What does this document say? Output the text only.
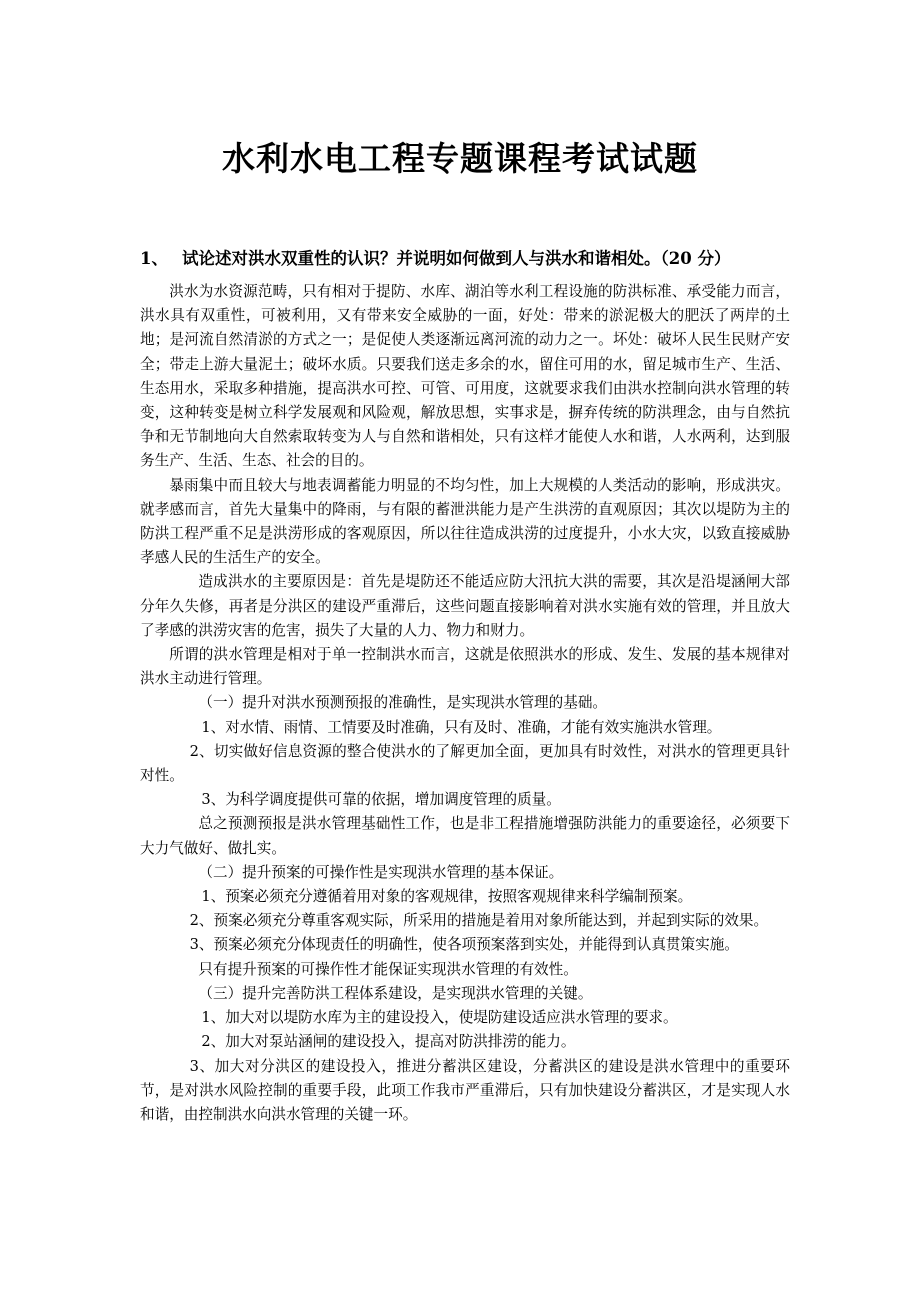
水利水电工程专题课程考试试题

1、 试论述对洪水双重性的认识？并说明如何做到人与洪水和谐相处。（20 分）

洪水为水资源范畴，只有相对于提防、水库、湖泊等水利工程设施的防洪标准、承受能力而言，洪水具有双重性，可被利用，又有带来安全威胁的一面，好处：带来的淤泥极大的肥沃了两岸的土地；是河流自然清淤的方式之一；是促使人类逐渐远离河流的动力之一。坏处：破坏人民生民财产安全；带走上游大量泥土；破坏水质。只要我们送走多余的水，留住可用的水，留足城市生产、生活、生态用水，采取多种措施，提高洪水可控、可管、可用度，这就要求我们由洪水控制向洪水管理的转变，这种转变是树立科学发展观和风险观，解放思想，实事求是，摒弃传统的防洪理念，由与自然抗争和无节制地向大自然索取转变为人与自然和谐相处，只有这样才能使人水和谐，人水两利，达到服务生产、生活、生态、社会的目的。

暴雨集中而且较大与地表调蓄能力明显的不均匀性，加上大规模的人类活动的影响，形成洪灾。就孝感而言，首先大量集中的降雨，与有限的蓄泄洪能力是产生洪涝的直观原因；其次以堤防为主的防洪工程严重不足是洪涝形成的客观原因，所以往往造成洪涝的过度提升，小水大灾，以致直接威胁孝感人民的生活生产的安全。

造成洪水的主要原因是：首先是堤防还不能适应防大汛抗大洪的需要，其次是沿堤涵闸大部分年久失修，再者是分洪区的建设严重滞后，这些问题直接影响着对洪水实施有效的管理，并且放大了孝感的洪涝灾害的危害，损失了大量的人力、物力和财力。

所谓的洪水管理是相对于单一控制洪水而言，这就是依照洪水的形成、发生、发展的基本规律对洪水主动进行管理。

（一）提升对洪水预测预报的准确性，是实现洪水管理的基础。

1、对水情、雨情、工情要及时准确，只有及时、准确，才能有效实施洪水管理。

2、切实做好信息资源的整合使洪水的了解更加全面，更加具有时效性，对洪水的管理更具针对性。

3、为科学调度提供可靠的依据，增加调度管理的质量。

总之预测预报是洪水管理基础性工作，也是非工程措施增强防洪能力的重要途径，必须要下大力气做好、做扎实。

（二）提升预案的可操作性是实现洪水管理的基本保证。

1、预案必须充分遵循着用对象的客观规律，按照客观规律来科学编制预案。

2、预案必须充分尊重客观实际，所采用的措施是着用对象所能达到，并起到实际的效果。

3、预案必须充分体现责任的明确性，使各项预案落到实处，并能得到认真贯策实施。

只有提升预案的可操作性才能保证实现洪水管理的有效性。

（三）提升完善防洪工程体系建设，是实现洪水管理的关键。

1、加大对以堤防水库为主的建设投入，使堤防建设适应洪水管理的要求。

2、加大对泵站涵闸的建设投入，提高对防洪排涝的能力。

3、加大对分洪区的建设投入，推进分蓄洪区建设，分蓄洪区的建设是洪水管理中的重要环节，是对洪水风险控制的重要手段，此项工作我市严重滞后，只有加快建设分蓄洪区，才是实现人水和谐，由控制洪水向洪水管理的关键一环。
